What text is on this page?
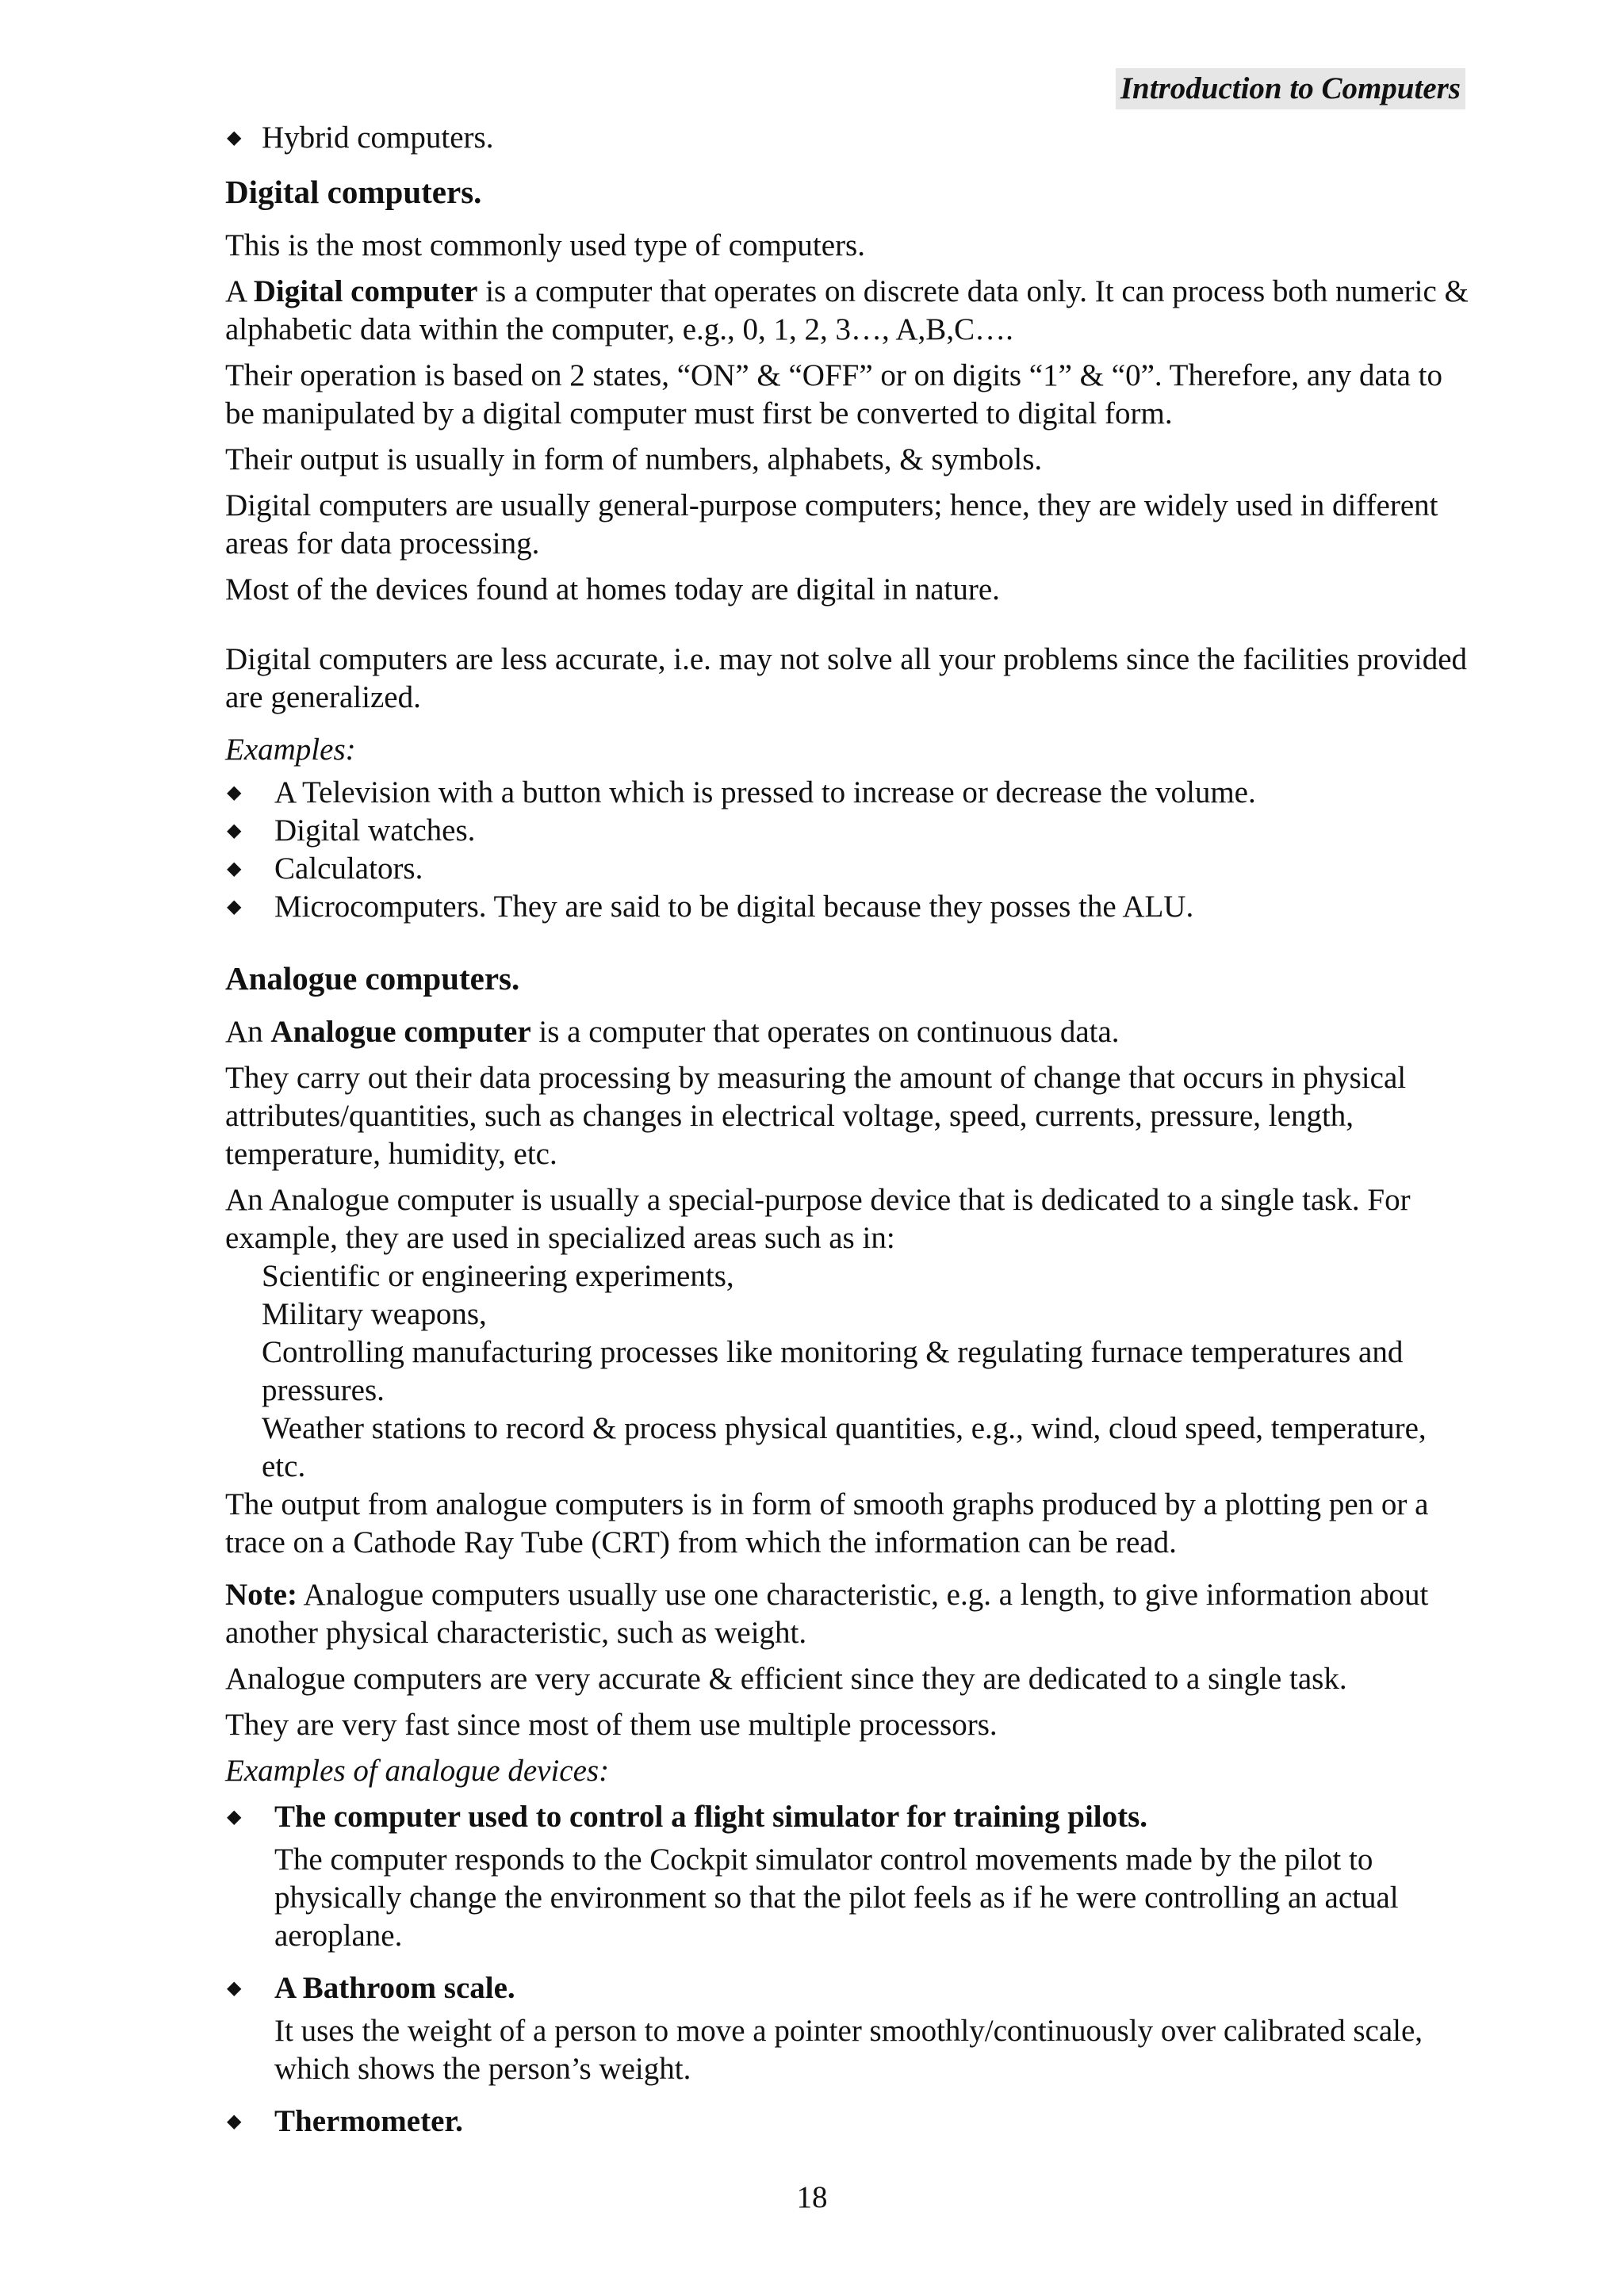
Introduction to Computers
◆ Hybrid computers.
Digital computers.

This is the most commonly used type of computers.

A Digital computer is a computer that operates on discrete data only. It can process both numeric & alphabetic data within the computer, e.g., 0, 1, 2, 3…, A,B,C….

Their operation is based on 2 states, “ON” & “OFF” or on digits “1” & “0”. Therefore, any data to be manipulated by a digital computer must first be converted to digital form.

Their output is usually in form of numbers, alphabets, & symbols.

Digital computers are usually general-purpose computers; hence, they are widely used in different areas for data processing.

Most of the devices found at homes today are digital in nature.

Digital computers are less accurate, i.e. may not solve all your problems since the facilities provided are generalized.

Examples:

◆ A Television with a button which is pressed to increase or decrease the volume.
◆ Digital watches.
◆ Calculators.
◆ Microcomputers. They are said to be digital because they posses the ALU.
Analogue computers.

An Analogue computer is a computer that operates on continuous data.

They carry out their data processing by measuring the amount of change that occurs in physical attributes/quantities, such as changes in electrical voltage, speed, currents, pressure, length, temperature, humidity, etc.

An Analogue computer is usually a special-purpose device that is dedicated to a single task. For example, they are used in specialized areas such as in:

Scientific or engineering experiments,
Military weapons,
Controlling manufacturing processes like monitoring & regulating furnace temperatures and pressures.
Weather stations to record & process physical quantities, e.g., wind, cloud speed, temperature, etc.

The output from analogue computers is in form of smooth graphs produced by a plotting pen or a trace on a Cathode Ray Tube (CRT) from which the information can be read.

Note: Analogue computers usually use one characteristic, e.g. a length, to give information about another physical characteristic, such as weight.

Analogue computers are very accurate & efficient since they are dedicated to a single task.

They are very fast since most of them use multiple processors.

Examples of analogue devices:

◆ The computer used to control a flight simulator for training pilots.

The computer responds to the Cockpit simulator control movements made by the pilot to physically change the environment so that the pilot feels as if he were controlling an actual aeroplane.

◆ A Bathroom scale.

It uses the weight of a person to move a pointer smoothly/continuously over calibrated scale, which shows the person’s weight.

◆ Thermometer.
18
